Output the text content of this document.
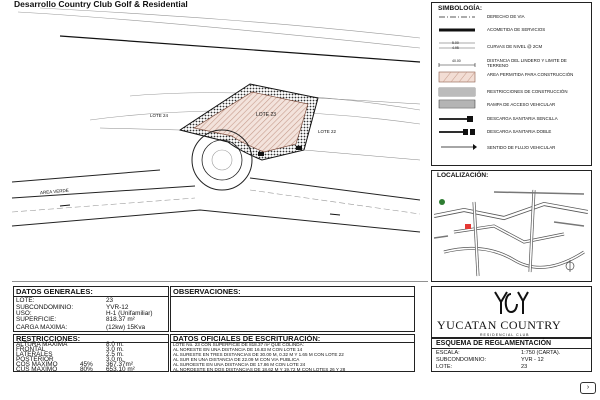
Desarrollo Country Club Golf & Residential
LOTE 23
AREA VERDE
LOTE 22
LOTE 24
SIMBOLOGÍA:
DERECHO DE VIA
ACOMETIDA DE SERVICIOS
5.00
4.95	CURVAS DE NIVEL @ 2CM
40.00	DISTANCIA DEL LINDERO Y LIMITE DE TERRENO
AREA PERMITIDA PARA CONSTRUCCIÓN
RESTRICCIONES DE CONSTRUCCIÓN
RAMPA DE ACCESO VEHICULAR
DESCARGA SANITARIA SENCILLA
DESCARGA SANITARIA DOBLE
SENTIDO DE FLUJO VEHICULAR
LOCALIZACIÓN:
DATOS GENERALES:
LOTE:	23
SUBCONDOMINIO:	YVR-12
USO:	H-1 (Unifamiliar)
SUPERFICIE:	818.37 m²
CARGA MAXIMA:	(12kw) 15Kva
OBSERVACIONES:
RESTRICCIONES:
ALTURA MAXIMA	8.0 m.
FRONTAL	3.0 m.
LATERALES	2.5 m.
POSTERIOR	3.0 m.
COS MAXIMO	45% 367.37m²
CUS MAXIMO	80% 653.10 m²
DATOS OFICIALES DE ESCRITURACIÓN:
LOTE No. 23 CON SUPERFICIE DE 818.37 m² QUE COLINDA:
AL NORESTE EN UNA DISTANCIA DE 16.83 M CON LOTE 14
AL SURESTE EN TRES DISTANCIAS DE 30.00 M, 0.32 M Y 1.65 M CON LOTE 22
AL SUR EN UNA DISTANCIA DE 22.09 M CON VIA PUBLICA
AL SUROESTE EN UNA DISTANCIA DE 17.86 M CON LOTE 24
AL NOROESTE EN DOS DISTANCIAS DE 18.62 M Y 19.72 M CON LOTES 26 Y 28
YUCATAN COUNTRY
RESIDENCIAL CLUB
ESQUEMA DE REGLAMENTACIÓN
ESCALA:	1:750 (CARTA).
SUBCONDOMINIO:	YVR - 12
LOTE:	23
›
